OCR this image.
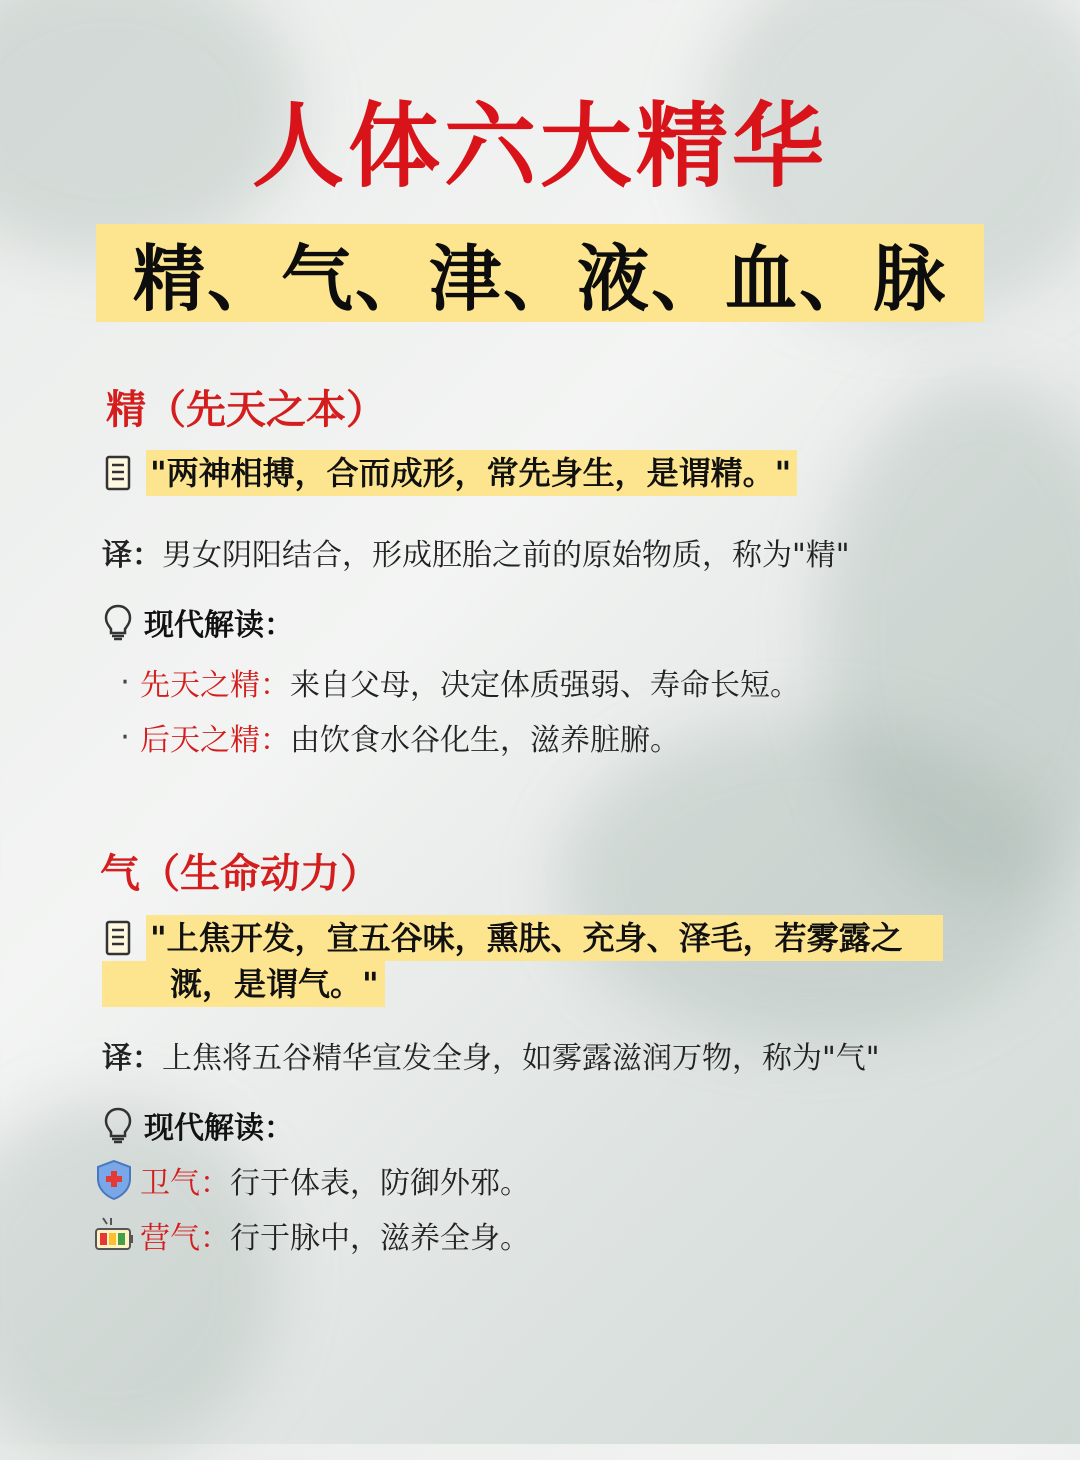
人体六大精华
精、气、津、液、血、脉
精（先天之本）
"两神相搏，合而成形，常先身生，是谓精。"
译：男女阴阳结合，形成胚胎之前的原始物质，称为"精"
现代解读：
· 先天之精： 来自父母，决定体质强弱、寿命长短。
· 后天之精： 由饮食水谷化生，滋养脏腑。
气（生命动力）
"上焦开发，宣五谷味，熏肤、充身、泽毛，若雾露之
溉，是谓气。"
译：上焦将五谷精华宣发全身，如雾露滋润万物，称为"气"
现代解读：
卫气： 行于体表，防御外邪。
营气： 行于脉中，滋养全身。
